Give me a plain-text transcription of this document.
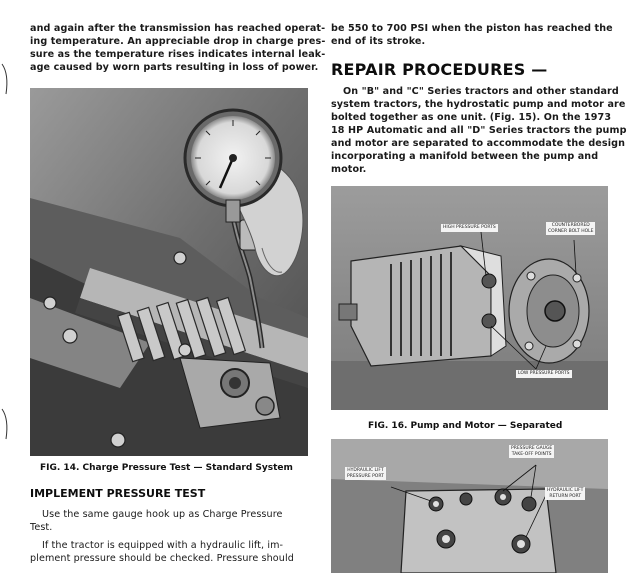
and again after the transmission has reached operat-
ing temperature. An appreciable drop in charge pres-
sure as the temperature rises indicates internal leak-
age caused by worn parts resulting in loss of power.

FIG. 14. Charge Pressure Test — Standard System

IMPLEMENT PRESSURE TEST

Use the same gauge hook up as Charge Pressure
Test.

If the tractor is equipped with a hydraulic lift, im-
plement pressure should be checked. Pressure should

be 550 to 700 PSI when the piston has reached the
end of its stroke.

REPAIR PROCEDURES —

On "B" and "C" Series tractors and other standard
system tractors, the hydrostatic pump and motor are
bolted together as one unit. (Fig. 15). On the 1973
18 HP Automatic and all "D" Series tractors the pump
and motor are separated to accommodate the design
incorporating a manifold between the pump and
motor.

HIGH PRESSURE PORTS	COUNTERBORED
CORNER BOLT HOLE
LOW PRESSURE PORTS

FIG. 16. Pump and Motor — Separated

PRESSURE GAUGE
TAKE-OFF POINTS
HYDRAULIC LIFT
PRESSURE PORT
HYDRAULIC LIFT
RETURN PORT
